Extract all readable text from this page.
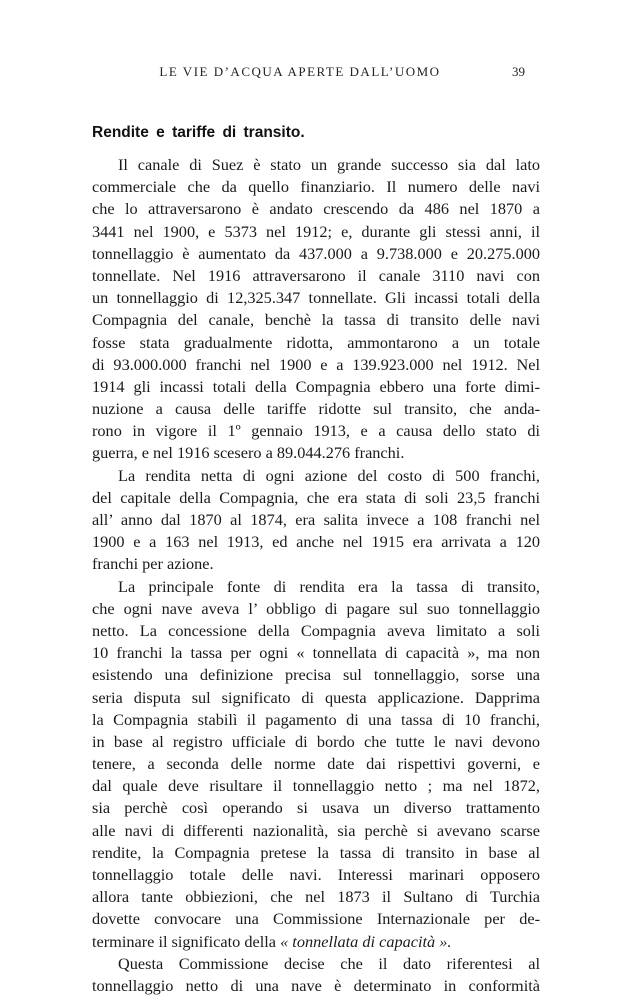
LE VIE D’ACQUA APERTE DALL’UOMO	39
Rendite e tariffe di transito.
Il canale di Suez è stato un grande successo sia dal lato
commerciale che da quello finanziario. Il numero delle navi
che lo attraversarono è andato crescendo da 486 nel 1870 a
3441 nel 1900, e 5373 nel 1912; e, durante gli stessi anni, il
tonnellaggio è aumentato da 437.000 a 9.738.000 e 20.275.000
tonnellate. Nel 1916 attraversarono il canale 3110 navi con
un tonnellaggio di 12,325.347 tonnellate. Gli incassi totali della
Compagnia del canale, benchè la tassa di transito delle navi
fosse stata gradualmente ridotta, ammontarono a un totale
di 93.000.000 franchi nel 1900 e a 139.923.000 nel 1912. Nel
1914 gli incassi totali della Compagnia ebbero una forte dimi-
nuzione a causa delle tariffe ridotte sul transito, che anda-
rono in vigore il 1º gennaio 1913, e a causa dello stato di
guerra, e nel 1916 scesero a 89.044.276 franchi.
La rendita netta di ogni azione del costo di 500 franchi,
del capitale della Compagnia, che era stata di soli 23,5 franchi
all’ anno dal 1870 al 1874, era salita invece a 108 franchi nel
1900 e a 163 nel 1913, ed anche nel 1915 era arrivata a 120
franchi per azione.
La principale fonte di rendita era la tassa di transito,
che ogni nave aveva l’ obbligo di pagare sul suo tonnellaggio
netto. La concessione della Compagnia aveva limitato a soli
10 franchi la tassa per ogni « tonnellata di capacità », ma non
esistendo una definizione precisa sul tonnellaggio, sorse una
seria disputa sul significato di questa applicazione. Dapprima
la Compagnia stabilì il pagamento di una tassa di 10 franchi,
in base al registro ufficiale di bordo che tutte le navi devono
tenere, a seconda delle norme date dai rispettivi governi, e
dal quale deve risultare il tonnellaggio netto ; ma nel 1872,
sia perchè così operando si usava un diverso trattamento
alle navi di differenti nazionalità, sia perchè si avevano scarse
rendite, la Compagnia pretese la tassa di transito in base al
tonnellaggio totale delle navi. Interessi marinari opposero
allora tante obbiezioni, che nel 1873 il Sultano di Turchia
dovette convocare una Commissione Internazionale per de-
terminare il significato della « tonnellata di capacità ».
Questa Commissione decise che il dato riferentesi al
tonnellaggio netto di una nave è determinato in conformità
